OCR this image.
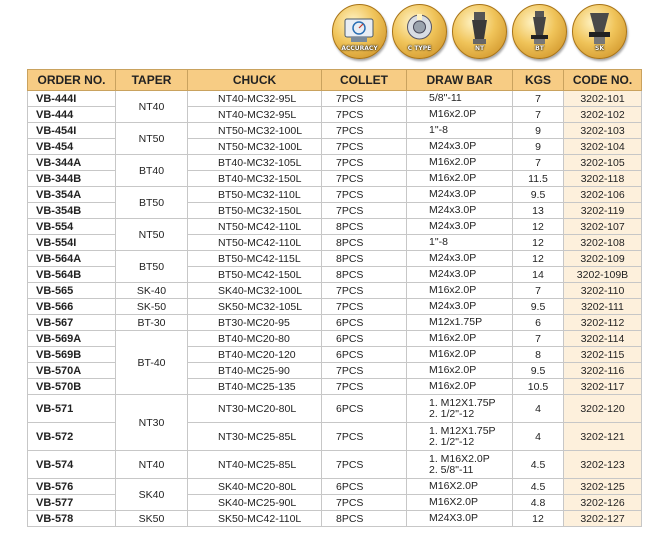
ACCURACY	C TYPE	NT	BT	SK
ORDER NO.	TAPER	CHUCK	COLLET	DRAW BAR	KGS	CODE NO.
VB-444I	NT40	NT40-MC32-95L	7PCS	5/8"-11	7	3202-101
VB-444		NT40-MC32-95L	7PCS	M16x2.0P	7	3202-102
VB-454I	NT50	NT50-MC32-100L	7PCS	1"-8	9	3202-103
VB-454		NT50-MC32-100L	7PCS	M24x3.0P	9	3202-104
VB-344A	BT40	BT40-MC32-105L	7PCS	M16x2.0P	7	3202-105
VB-344B		BT40-MC32-150L	7PCS	M16x2.0P	11.5	3202-118
VB-354A	BT50	BT50-MC32-110L	7PCS	M24x3.0P	9.5	3202-106
VB-354B		BT50-MC32-150L	7PCS	M24x3.0P	13	3202-119
VB-554	NT50	NT50-MC42-110L	8PCS	M24x3.0P	12	3202-107
VB-554I		NT50-MC42-110L	8PCS	1"-8	12	3202-108
VB-564A	BT50	BT50-MC42-115L	8PCS	M24x3.0P	12	3202-109
VB-564B		BT50-MC42-150L	8PCS	M24x3.0P	14	3202-109B
VB-565	SK-40	SK40-MC32-100L	7PCS	M16x2.0P	7	3202-110
VB-566	SK-50	SK50-MC32-105L	7PCS	M24x3.0P	9.5	3202-111
VB-567	BT-30	BT30-MC20-95	6PCS	M12x1.75P	6	3202-112
VB-569A	BT-40	BT40-MC20-80	6PCS	M16x2.0P	7	3202-114
VB-569B		BT40-MC20-120	6PCS	M16x2.0P	8	3202-115
VB-570A		BT40-MC25-90	7PCS	M16x2.0P	9.5	3202-116
VB-570B		BT40-MC25-135	7PCS	M16x2.0P	10.5	3202-117
VB-571	NT30	NT30-MC20-80L	6PCS	1. M12X1.75P
2. 1/2"-12	4	3202-120
VB-572		NT30-MC25-85L	7PCS	1. M12X1.75P
2. 1/2"-12	4	3202-121
VB-574	NT40	NT40-MC25-85L	7PCS	1. M16X2.0P
2. 5/8"-11	4.5	3202-123
VB-576	SK40	SK40-MC20-80L	6PCS	M16X2.0P	4.5	3202-125
VB-577		SK40-MC25-90L	7PCS	M16X2.0P	4.8	3202-126
VB-578	SK50	SK50-MC42-110L	8PCS	M24X3.0P	12	3202-127
